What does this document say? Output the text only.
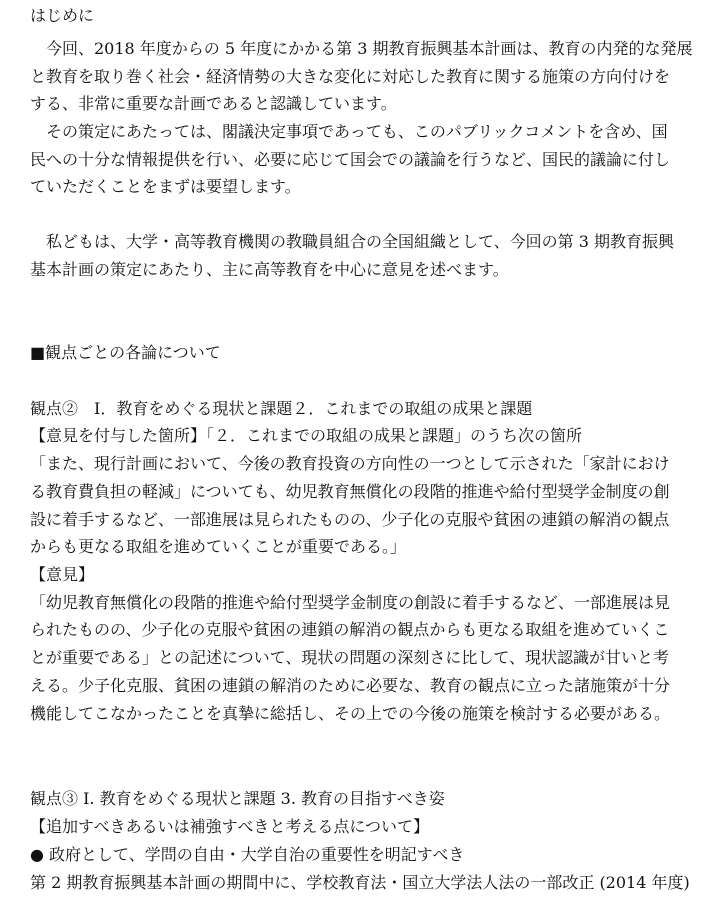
はじめに
今回、2018 年度からの 5 年度にかかる第 3 期教育振興基本計画は、教育の内発的な発展
と教育を取り巻く社会・経済情勢の大きな変化に対応した教育に関する施策の方向付けを
する、非常に重要な計画であると認識しています。
その策定にあたっては、閣議決定事項であっても、このパブリックコメントを含め、国
民への十分な情報提供を行い、必要に応じて国会での議論を行うなど、国民的議論に付し
ていただくことをまずは要望します。
私どもは、大学・高等教育機関の教職員組合の全国組織として、今回の第 3 期教育振興
基本計画の策定にあたり、主に高等教育を中心に意見を述べます。
■観点ごとの各論について
観点②　Ⅰ．教育をめぐる現状と課題２．これまでの取組の成果と課題
【意見を付与した箇所】「２．これまでの取組の成果と課題」のうち次の箇所
「また、現行計画において、今後の教育投資の方向性の一つとして示された「家計におけ
る教育費負担の軽減」についても、幼児教育無償化の段階的推進や給付型奨学金制度の創
設に着手するなど、一部進展は見られたものの、少子化の克服や貧困の連鎖の解消の観点
からも更なる取組を進めていくことが重要である。」
【意見】
「幼児教育無償化の段階的推進や給付型奨学金制度の創設に着手するなど、一部進展は見
られたものの、少子化の克服や貧困の連鎖の解消の観点からも更なる取組を進めていくこ
とが重要である」との記述について、現状の問題の深刻さに比して、現状認識が甘いと考
える。少子化克服、貧困の連鎖の解消のために必要な、教育の観点に立った諸施策が十分
機能してこなかったことを真摯に総括し、その上での今後の施策を検討する必要がある。
観点③ I. 教育をめぐる現状と課題 3. 教育の目指すべき姿
【追加すべきあるいは補強すべきと考える点について】
● 政府として、学問の自由・大学自治の重要性を明記すべき
第 2 期教育振興基本計画の期間中に、学校教育法・国立大学法人法の一部改正 (2014 年度)
